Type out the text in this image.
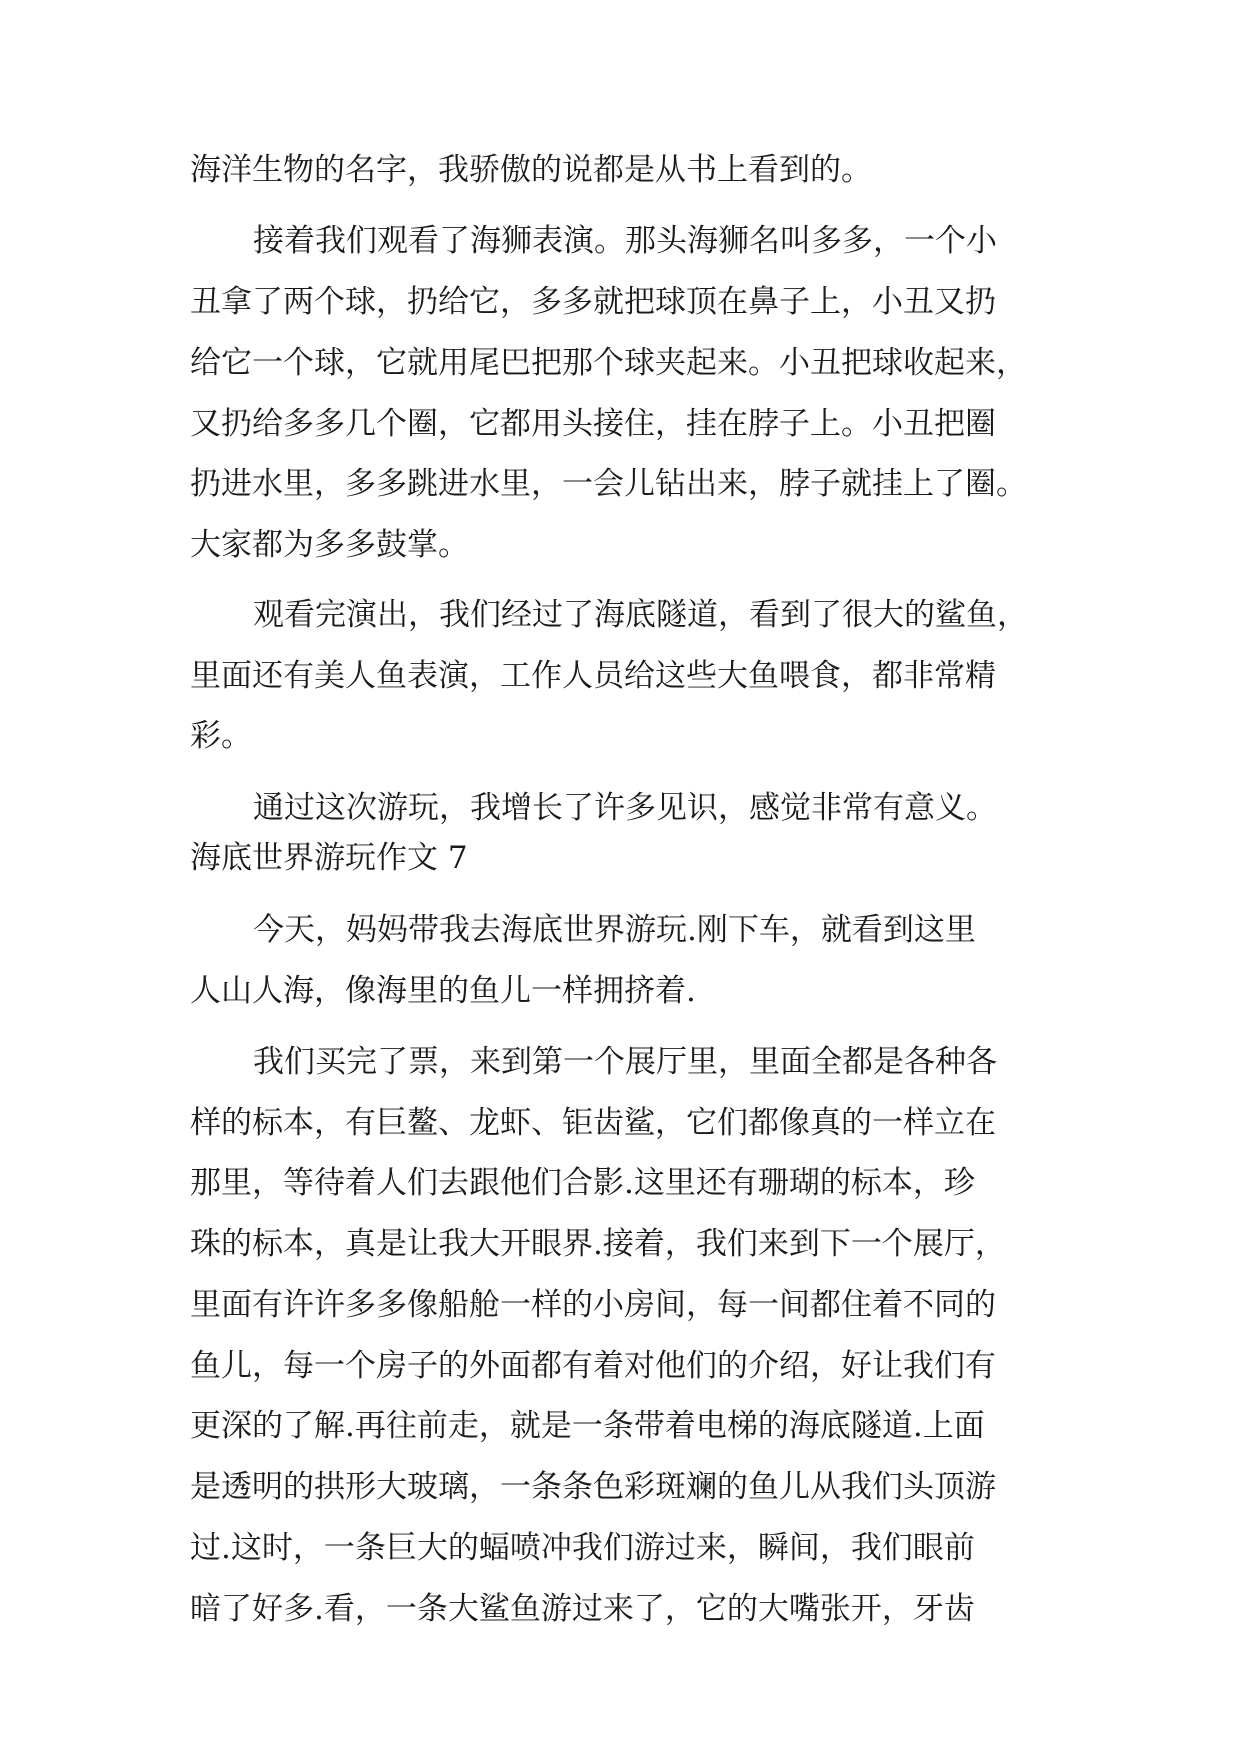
海洋生物的名字，我骄傲的说都是从书上看到的。
接着我们观看了海狮表演。那头海狮名叫多多，一个小
丑拿了两个球，扔给它，多多就把球顶在鼻子上，小丑又扔
给它一个球，它就用尾巴把那个球夹起来。小丑把球收起来，
又扔给多多几个圈，它都用头接住，挂在脖子上。小丑把圈
扔进水里，多多跳进水里，一会儿钻出来，脖子就挂上了圈。
大家都为多多鼓掌。
观看完演出，我们经过了海底隧道，看到了很大的鲨鱼，
里面还有美人鱼表演，工作人员给这些大鱼喂食，都非常精
彩。
通过这次游玩，我增长了许多见识，感觉非常有意义。
海底世界游玩作文 7
今天，妈妈带我去海底世界游玩.刚下车，就看到这里
人山人海，像海里的鱼儿一样拥挤着.
我们买完了票，来到第一个展厅里，里面全都是各种各
样的标本，有巨鳌、龙虾、钜齿鲨，它们都像真的一样立在
那里，等待着人们去跟他们合影.这里还有珊瑚的标本，珍
珠的标本，真是让我大开眼界.接着，我们来到下一个展厅，
里面有许许多多像船舱一样的小房间，每一间都住着不同的
鱼儿，每一个房子的外面都有着对他们的介绍，好让我们有
更深的了解.再往前走，就是一条带着电梯的海底隧道.上面
是透明的拱形大玻璃，一条条色彩斑斓的鱼儿从我们头顶游
过.这时，一条巨大的蝠喷冲我们游过来，瞬间，我们眼前
暗了好多.看，一条大鲨鱼游过来了，它的大嘴张开，牙齿
